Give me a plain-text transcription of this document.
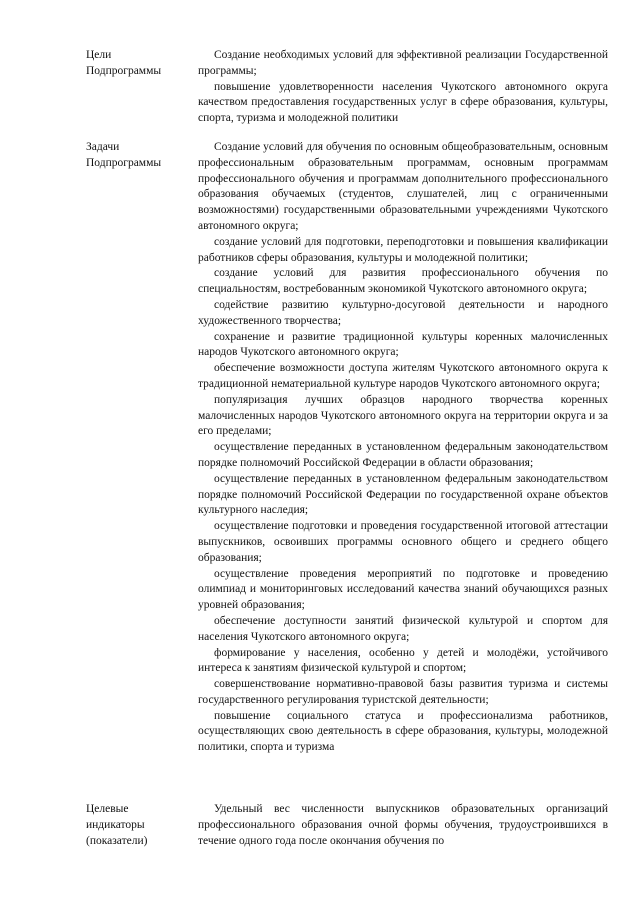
Цели
Подпрограммы

Создание необходимых условий для эффективной реализации Государственной программы;

повышение удовлетворенности населения Чукотского автономного округа качеством предоставления государственных услуг в сфере образования, культуры, спорта, туризма и молодежной политики

Задачи
Подпрограммы

Создание условий для обучения по основным общеобразовательным, основным профессиональным образовательным программам, основным программам профессионального обучения и программам дополнительного профессионального образования обучаемых (студентов, слушателей, лиц с ограниченными возможностями) государственными образовательными учреждениями Чукотского автономного округа;

создание условий для подготовки, переподготовки и повышения квалификации работников сферы образования, культуры и молодежной политики;

создание условий для развития профессионального обучения по специальностям, востребованным экономикой Чукотского автономного округа;

содействие развитию культурно-досуговой деятельности и народного художественного творчества;

сохранение и развитие традиционной культуры коренных малочисленных народов Чукотского автономного округа;

обеспечение возможности доступа жителям Чукотского автономного округа к традиционной нематериальной культуре народов Чукотского автономного округа;

популяризация лучших образцов народного творчества коренных малочисленных народов Чукотского автономного округа на территории округа и за его пределами;

осуществление переданных в установленном федеральным законодательством порядке полномочий Российской Федерации в области образования;

осуществление переданных в установленном федеральным законодательством порядке полномочий Российской Федерации по государственной охране объектов культурного наследия;

осуществление подготовки и проведения государственной итоговой аттестации выпускников, освоивших программы основного общего и среднего общего образования;

осуществление проведения мероприятий по подготовке и проведению олимпиад и мониторинговых исследований качества знаний обучающихся разных уровней образования;

обеспечение доступности занятий физической культурой и спортом для населения Чукотского автономного округа;

формирование у населения, особенно у детей и молодёжи, устойчивого интереса к занятиям физической культурой и спортом;

совершенствование нормативно-правовой базы развития туризма и системы государственного регулирования туристской деятельности;

повышение социального статуса и профессионализма работников, осуществляющих свою деятельность в сфере образования, культуры, молодежной политики, спорта и туризма

Целевые
индикаторы
(показатели)

Удельный вес численности выпускников образовательных организаций профессионального образования очной формы обучения, трудоустроившихся в течение одного года после окончания обучения по
